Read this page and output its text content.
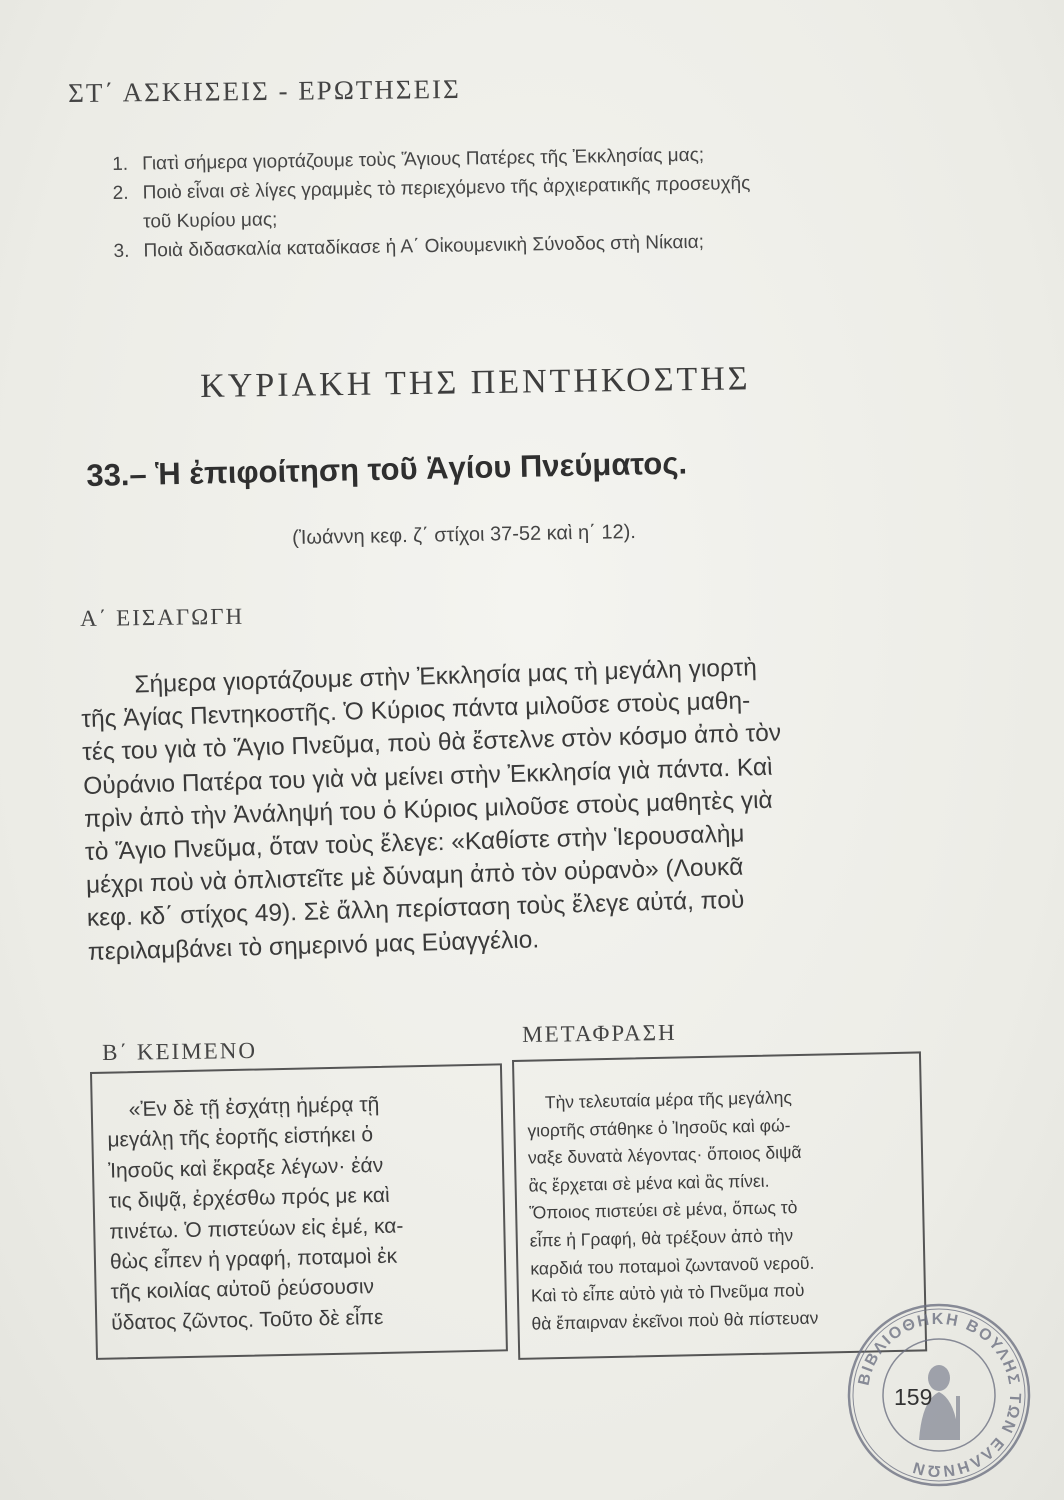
ΣΤ΄ ΑΣΚΗΣΕΙΣ - ΕΡΩΤΗΣΕΙΣ
1. Γιατὶ σήμερα γιορτάζουμε τοὺς Ἅγιους Πατέρες τῆς Ἐκκλησίας μας;
2. Ποιὸ εἶναι σὲ λίγες γραμμὲς τὸ περιεχόμενο τῆς ἀρχιερατικῆς προσευχῆς
τοῦ Κυρίου μας;
3. Ποιὰ διδασκαλία καταδίκασε ἡ Α΄ Οἰκουμενικὴ Σύνοδος στὴ Νίκαια;
ΚΥΡΙΑΚΗ ΤΗΣ ΠΕΝΤΗΚΟΣΤΗΣ
33.– Ἡ ἐπιφοίτηση τοῦ Ἁγίου Πνεύματος.
(Ἰωάννη κεφ. ζ΄ στίχοι 37-52 καὶ η΄ 12).
Α΄ ΕΙΣΑΓΩΓΗ
Σήμερα γιορτάζουμε στὴν Ἐκκλησία μας τὴ μεγάλη γιορτὴ
τῆς Ἁγίας Πεντηκοστῆς. Ὁ Κύριος πάντα μιλοῦσε στοὺς μαθη-
τές του γιὰ τὸ Ἅγιο Πνεῦμα, ποὺ θὰ ἔστελνε στὸν κόσμο ἀπὸ τὸν
Οὐράνιο Πατέρα του γιὰ νὰ μείνει στὴν Ἐκκλησία γιὰ πάντα. Καὶ
πρὶν ἀπὸ τὴν Ἀνάληψή του ὁ Κύριος μιλοῦσε στοὺς μαθητὲς γιὰ
τὸ Ἅγιο Πνεῦμα, ὅταν τοὺς ἔλεγε: «Καθίστε στὴν Ἱερουσαλὴμ
μέχρι ποὺ νὰ ὁπλιστεῖτε μὲ δύναμη ἀπὸ τὸν οὐρανὸ» (Λουκᾶ
κεφ. κδ΄ στίχος 49). Σὲ ἄλλη περίσταση τοὺς ἔλεγε αὐτά, ποὺ
περιλαμβάνει τὸ σημερινό μας Εὐαγγέλιο.
Β΄ ΚΕΙΜΕΝΟ
ΜΕΤΑΦΡΑΣΗ
«Ἐν δὲ τῇ ἐσχάτῃ ἡμέρᾳ τῇ
μεγάλῃ τῆς ἑορτῆς εἱστήκει ὁ
Ἰησοῦς καὶ ἔκραξε λέγων· ἐάν
τις διψᾷ, ἐρχέσθω πρός με καὶ
πινέτω. Ὁ πιστεύων εἰς ἐμέ, κα-
θὼς εἶπεν ἡ γραφή, ποταμοὶ ἐκ
τῆς κοιλίας αὐτοῦ ῥεύσουσιν
ὕδατος ζῶντος. Τοῦτο δὲ εἶπε
Τὴν τελευταία μέρα τῆς μεγάλης
γιορτῆς στάθηκε ὁ Ἰησοῦς καὶ φώ-
ναξε δυνατὰ λέγοντας· ὅποιος διψᾶ
ἂς ἔρχεται σὲ μένα καὶ ἂς πίνει.
Ὅποιος πιστεύει σὲ μένα, ὅπως τὸ
εἶπε ἡ Γραφή, θὰ τρέξουν ἀπὸ τὴν
καρδιά του ποταμοὶ ζωντανοῦ νεροῦ.
Καὶ τὸ εἶπε αὐτὸ γιὰ τὸ Πνεῦμα ποὺ
θὰ ἔπαιρναν ἐκεῖνοι ποὺ θὰ πίστευαν
ΒΙΒΛΙΟΘΗΚΗ ΒΟΥΛΗΣ ΤΩΝ ΕΛΛΗΝΩΝ
159
